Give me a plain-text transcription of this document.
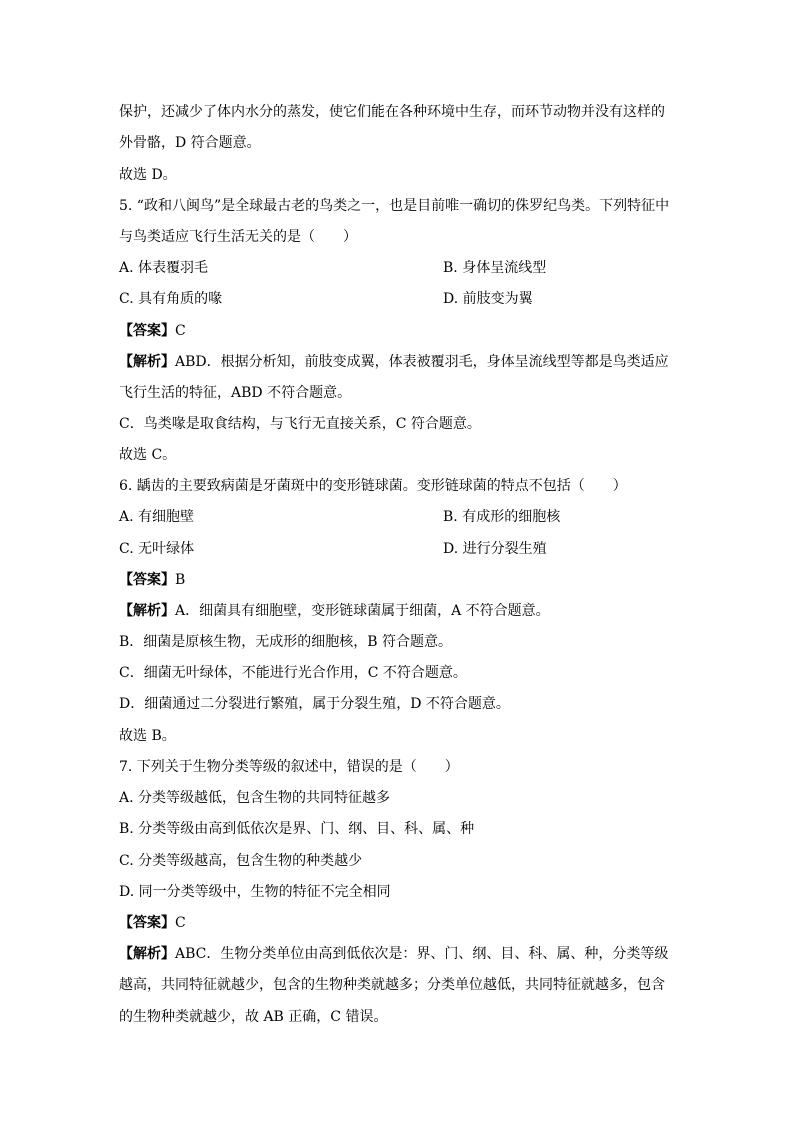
保护，还减少了体内水分的蒸发，使它们能在各种环境中生存，而环节动物并没有这样的
外骨骼，D 符合题意。
故选 D。
5. “政和八闽鸟”是全球最古老的鸟类之一，也是目前唯一确切的侏罗纪鸟类。下列特征中
与鸟类适应飞行生活无关的是（　　）
A. 体表覆羽毛	B. 身体呈流线型
C. 具有角质的喙	D. 前肢变为翼
【答案】C
【解析】ABD．根据分析知，前肢变成翼，体表被覆羽毛，身体呈流线型等都是鸟类适应
飞行生活的特征，ABD 不符合题意。
C．鸟类喙是取食结构，与飞行无直接关系，C 符合题意。
故选 C。
6. 龋齿的主要致病菌是牙菌斑中的变形链球菌。变形链球菌的特点不包括（　　）
A. 有细胞壁	B. 有成形的细胞核
C. 无叶绿体	D. 进行分裂生殖
【答案】B
【解析】A．细菌具有细胞壁，变形链球菌属于细菌，A 不符合题意。
B．细菌是原核生物，无成形的细胞核，B 符合题意。
C．细菌无叶绿体，不能进行光合作用，C 不符合题意。
D．细菌通过二分裂进行繁殖，属于分裂生殖，D 不符合题意。
故选 B。
7. 下列关于生物分类等级的叙述中，错误的是（　　）
A. 分类等级越低，包含生物的共同特征越多
B. 分类等级由高到低依次是界、门、纲、目、科、属、种
C. 分类等级越高，包含生物的种类越少
D. 同一分类等级中，生物的特征不完全相同
【答案】C
【解析】ABC．生物分类单位由高到低依次是：界、门、纲、目、科、属、种，分类等级
越高，共同特征就越少，包含的生物种类就越多；分类单位越低，共同特征就越多，包含
的生物种类就越少，故 AB 正确，C 错误。
